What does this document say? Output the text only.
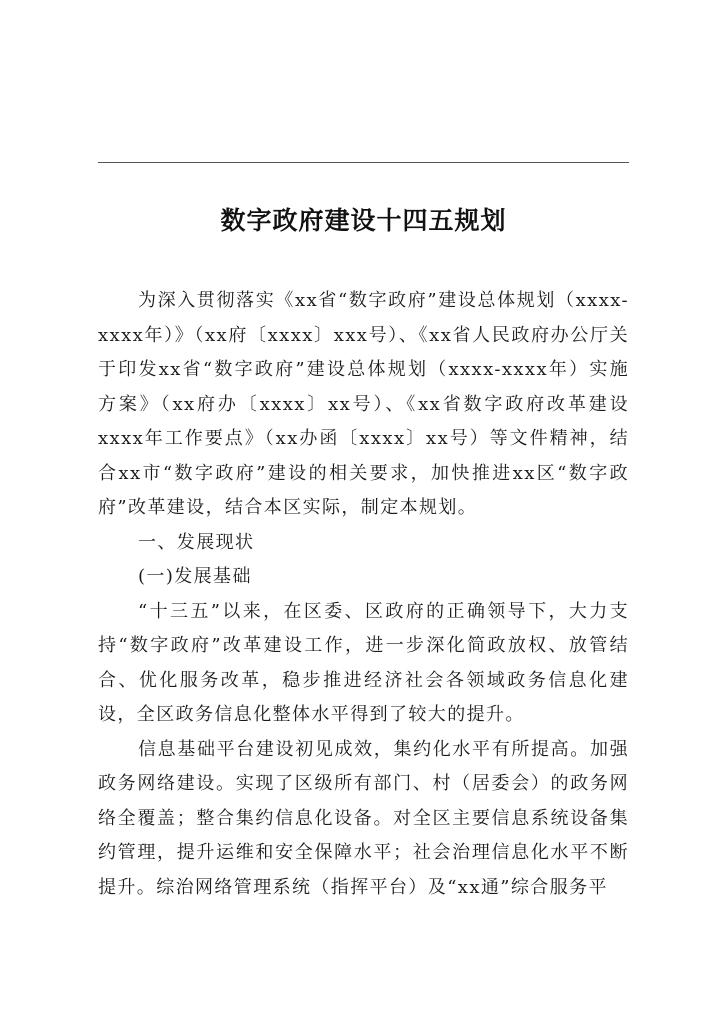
数字政府建设十四五规划

为深入贯彻落实《xx省“数字政府”建设总体规划（xxxx-xxxx年）》（xx府〔xxxx〕xxx号）、《xx省人民政府办公厅关于印发xx省“数字政府”建设总体规划（xxxx-xxxx年）实施方案》（xx府办〔xxxx〕xx号）、《xx省数字政府改革建设xxxx年工作要点》（xx办函〔xxxx〕xx号）等文件精神，结合xx市“数字政府”建设的相关要求，加快推进xx区“数字政府”改革建设，结合本区实际，制定本规划。

一、发展现状

(一)发展基础

“十三五”以来，在区委、区政府的正确领导下，大力支持“数字政府”改革建设工作，进一步深化简政放权、放管结合、优化服务改革，稳步推进经济社会各领域政务信息化建设，全区政务信息化整体水平得到了较大的提升。

信息基础平台建设初见成效，集约化水平有所提高。加强政务网络建设。实现了区级所有部门、村（居委会）的政务网络全覆盖；整合集约信息化设备。对全区主要信息系统设备集约管理，提升运维和安全保障水平；社会治理信息化水平不断提升。综治网络管理系统（指挥平台）及“xx通”综合服务平
